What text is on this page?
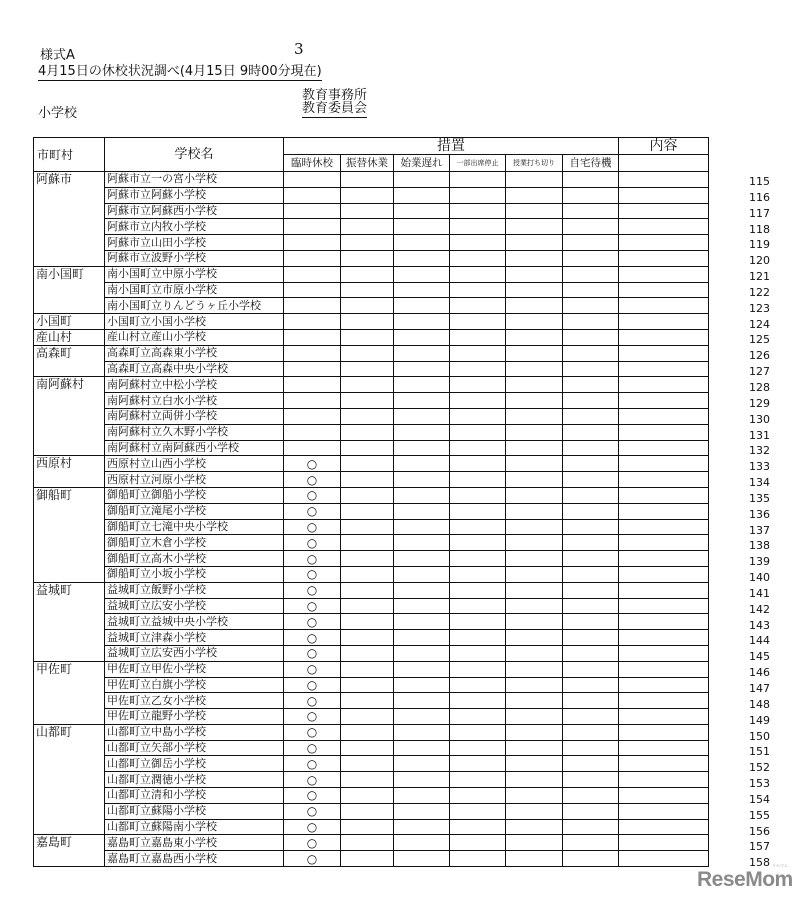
様式A	3
4月15日の休校状況調べ(4月15日 9時00分現在)
教育事務所
小学校	教育委員会
市町村	学校名	措置						内容
		臨時休校	振替休業	始業遅れ	一部出席停止	授業打ち切り	自宅待機	
阿蘇市	阿蘇市立一の宮小学校							
	阿蘇市立阿蘇小学校							
	阿蘇市立阿蘇西小学校							
	阿蘇市立内牧小学校							
	阿蘇市立山田小学校							
	阿蘇市立波野小学校							
南小国町	南小国町立中原小学校							
	南小国町立市原小学校							
	南小国町立りんどうヶ丘小学校							
小国町	小国町立小国小学校							
産山村	産山村立産山小学校							
高森町	高森町立高森東小学校							
	高森町立高森中央小学校							
南阿蘇村	南阿蘇村立中松小学校							
	南阿蘇村立白水小学校							
	南阿蘇村立両併小学校							
	南阿蘇村立久木野小学校							
	南阿蘇村立南阿蘇西小学校							
西原村	西原村立山西小学校	○						
	西原村立河原小学校	○						
御船町	御船町立御船小学校	○						
	御船町立滝尾小学校	○						
	御船町立七滝中央小学校	○						
	御船町立木倉小学校	○						
	御船町立高木小学校	○						
	御船町立小坂小学校	○						
益城町	益城町立飯野小学校	○						
	益城町立広安小学校	○						
	益城町立益城中央小学校	○						
	益城町立津森小学校	○						
	益城町立広安西小学校	○						
甲佐町	甲佐町立甲佐小学校	○						
	甲佐町立白旗小学校	○						
	甲佐町立乙女小学校	○						
	甲佐町立龍野小学校	○						
山都町	山都町立中島小学校	○						
	山都町立矢部小学校	○						
	山都町立御岳小学校	○						
	山都町立潤徳小学校	○						
	山都町立清和小学校	○						
	山都町立蘇陽小学校	○						
	山都町立蘇陽南小学校	○						
嘉島町	嘉島町立嘉島東小学校	○						
	嘉島町立嘉島西小学校	○						
115
116
117
118
119
120
121
122
123
124
125
126
127
128
129
130
131
132
133
134
135
136
137
138
139
140
141
142
143
144
145
146
147
148
149
150
151
152
153
154
155
156
157
158
ReseMom
リセマム
